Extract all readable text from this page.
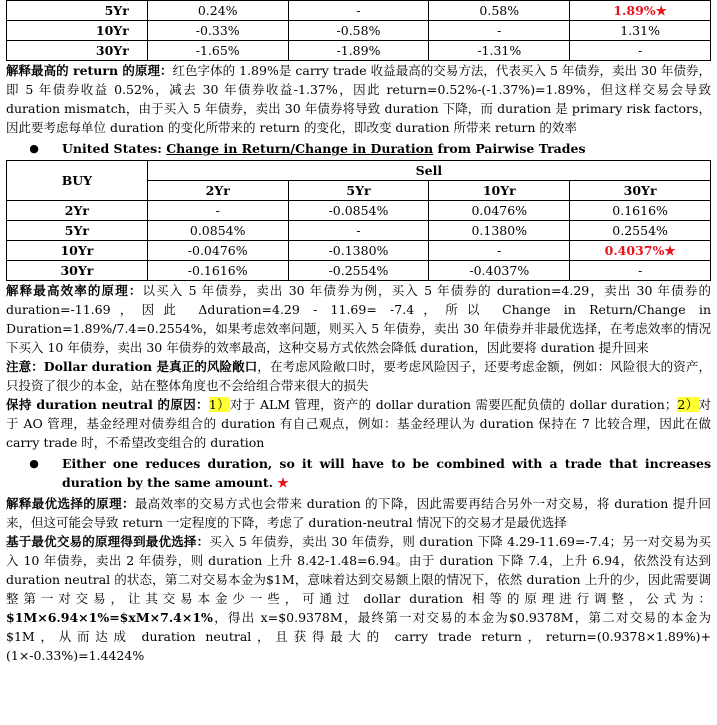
5Yr	0.24%	-	0.58%	1.89%★
10Yr	-0.33%	-0.58%	-	1.31%
30Yr	-1.65%	-1.89%	-1.31%	-

解释最高的 return 的原理：红色字体的 1.89%是 carry trade 收益最高的交易方法，代表买入 5 年债券，卖出 30 年债券，即 5 年债券收益 0.52%，减去 30 年债券收益-1.37%，因此 return=0.52%-(-1.37%)=1.89%，但这样交易会导致 duration mismatch，由于买入 5 年债券，卖出 30 年债券将导致 duration 下降，而 duration 是 primary risk factors，因此要考虑每单位 duration 的变化所带来的 return 的变化，即改变 duration 所带来 return 的效率

●	United States: Change in Return/Change in Duration from Pairwise Trades
BUY	Sell			
	2Yr	5Yr	10Yr	30Yr
2Yr	-	-0.0854%	0.0476%	0.1616%
5Yr	0.0854%	-	0.1380%	0.2554%
10Yr	-0.0476%	-0.1380%	-	0.4037%★
30Yr	-0.1616%	-0.2554%	-0.4037%	-

解释最高效率的原理：以买入 5 年债券，卖出 30 年债券为例，买入 5 年债券的 duration=4.29，卖出 30 年债券的 duration=-11.69，因此 Δduration=4.29 - 11.69= -7.4，所以 Change in Return/Change in Duration=1.89%/7.4=0.2554%，如果考虑效率问题，则买入 5 年债券，卖出 30 年债券并非最优选择，在考虑效率的情况下买入 10 年债券，卖出 30 年债券的效率最高，这种交易方式依然会降低 duration，因此要将 duration 提升回来

注意：Dollar duration 是真正的风险敞口，在考虑风险敞口时，要考虑风险因子，还要考虑金额，例如：风险很大的资产，只投资了很少的本金，站在整体角度也不会给组合带来很大的损失

保持 duration neutral 的原因：1）对于 ALM 管理，资产的 dollar duration 需要匹配负债的 dollar duration；2）对于 AO 管理，基金经理对债券组合的 duration 有自己观点，例如：基金经理认为 duration 保持在 7 比较合理，因此在做 carry trade 时，不希望改变组合的 duration

●	Either one reduces duration, so it will have to be combined with a trade that increases duration by the same amount. ★

解释最优选择的原理：最高效率的交易方式也会带来 duration 的下降，因此需要再结合另外一对交易，将 duration 提升回来，但这可能会导致 return 一定程度的下降，考虑了 duration-neutral 情况下的交易才是最优选择

基于最优交易的原理得到最优选择：买入 5 年债券，卖出 30 年债券，则 duration 下降 4.29-11.69=-7.4；另一对交易为买入 10 年债券，卖出 2 年债券，则 duration 上升 8.42-1.48=6.94。由于 duration 下降 7.4，上升 6.94，依然没有达到 duration neutral 的状态，第二对交易本金为$1M，意味着达到交易额上限的情况下，依然 duration 上升的少，因此需要调整第一对交易，让其交易本金少一些，可通过 dollar duration 相等的原理进行调整，公式为：$1M×6.94×1%=$xM×7.4×1%，得出 x=$0.9378M，最终第一对交易的本金为$0.9378M，第二对交易的本金为$1M，从而达成 duration neutral，且获得最大的 carry trade return，return=(0.9378×1.89%)+(1×-0.33%)=1.4424%
